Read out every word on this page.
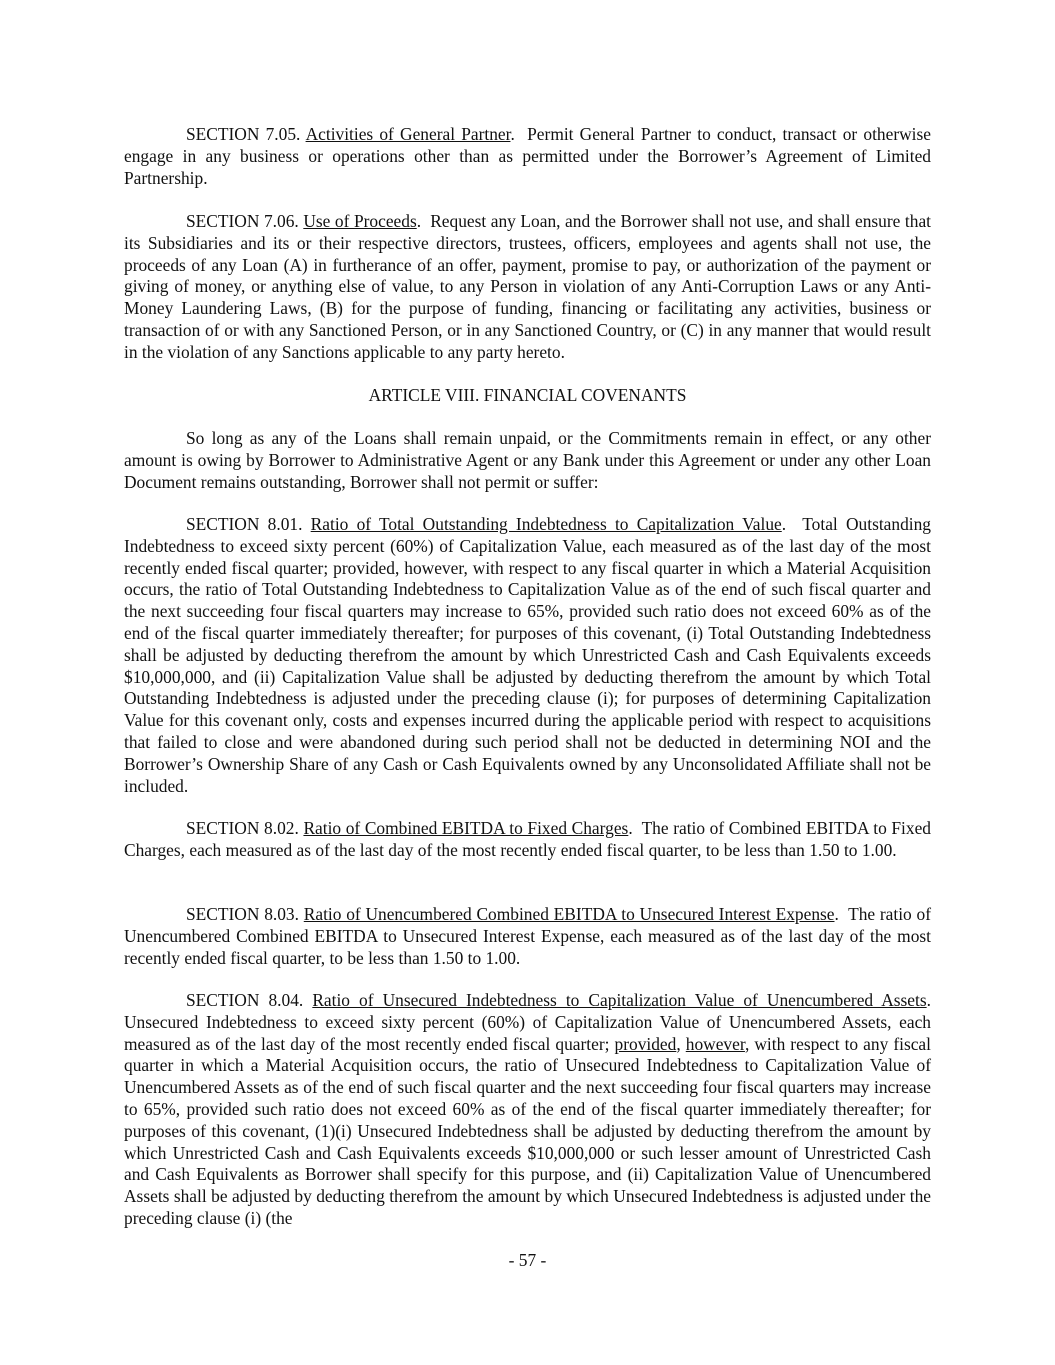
SECTION 7.05. Activities of General Partner.  Permit General Partner to conduct, transact or otherwise engage in any business or operations other than as permitted under the Borrower’s Agreement of Limited Partnership.

SECTION 7.06. Use of Proceeds.  Request any Loan, and the Borrower shall not use, and shall ensure that its Subsidiaries and its or their respective directors, trustees, officers, employees and agents shall not use, the proceeds of any Loan (A) in furtherance of an offer, payment, promise to pay, or authorization of the payment or giving of money, or anything else of value, to any Person in violation of any Anti-Corruption Laws or any Anti-Money Laundering Laws, (B) for the purpose of funding, financing or facilitating any activities, business or transaction of or with any Sanctioned Person, or in any Sanctioned Country, or (C) in any manner that would result in the violation of any Sanctions applicable to any party hereto.

ARTICLE VIII. FINANCIAL COVENANTS

So long as any of the Loans shall remain unpaid, or the Commitments remain in effect, or any other amount is owing by Borrower to Administrative Agent or any Bank under this Agreement or under any other Loan Document remains outstanding, Borrower shall not permit or suffer:

SECTION 8.01. Ratio of Total Outstanding Indebtedness to Capitalization Value.  Total Outstanding Indebtedness to exceed sixty percent (60%) of Capitalization Value, each measured as of the last day of the most recently ended fiscal quarter; provided, however, with respect to any fiscal quarter in which a Material Acquisition occurs, the ratio of Total Outstanding Indebtedness to Capitalization Value as of the end of such fiscal quarter and the next succeeding four fiscal quarters may increase to 65%, provided such ratio does not exceed 60% as of the end of the fiscal quarter immediately thereafter; for purposes of this covenant, (i) Total Outstanding Indebtedness shall be adjusted by deducting therefrom the amount by which Unrestricted Cash and Cash Equivalents exceeds $10,000,000, and (ii) Capitalization Value shall be adjusted by deducting therefrom the amount by which Total Outstanding Indebtedness is adjusted under the preceding clause (i); for purposes of determining Capitalization Value for this covenant only, costs and expenses incurred during the applicable period with respect to acquisitions that failed to close and were abandoned during such period shall not be deducted in determining NOI and the Borrower’s Ownership Share of any Cash or Cash Equivalents owned by any Unconsolidated Affiliate shall not be included.

SECTION 8.02. Ratio of Combined EBITDA to Fixed Charges.  The ratio of Combined EBITDA to Fixed Charges, each measured as of the last day of the most recently ended fiscal quarter, to be less than 1.50 to 1.00.

SECTION 8.03. Ratio of Unencumbered Combined EBITDA to Unsecured Interest Expense.  The ratio of Unencumbered Combined EBITDA to Unsecured Interest Expense, each measured as of the last day of the most recently ended fiscal quarter, to be less than 1.50 to 1.00.

SECTION 8.04. Ratio of Unsecured Indebtedness to Capitalization Value of Unencumbered Assets. Unsecured Indebtedness to exceed sixty percent (60%) of Capitalization Value of Unencumbered Assets, each measured as of the last day of the most recently ended fiscal quarter; provided, however, with respect to any fiscal quarter in which a Material Acquisition occurs, the ratio of Unsecured Indebtedness to Capitalization Value of Unencumbered Assets as of the end of such fiscal quarter and the next succeeding four fiscal quarters may increase to 65%, provided such ratio does not exceed 60% as of the end of the fiscal quarter immediately thereafter; for purposes of this covenant, (1)(i) Unsecured Indebtedness shall be adjusted by deducting therefrom the amount by which Unrestricted Cash and Cash Equivalents exceeds $10,000,000 or such lesser amount of Unrestricted Cash and Cash Equivalents as Borrower shall specify for this purpose, and (ii) Capitalization Value of Unencumbered Assets shall be adjusted by deducting therefrom the amount by which Unsecured Indebtedness is adjusted under the preceding clause (i) (the

- 57 -
